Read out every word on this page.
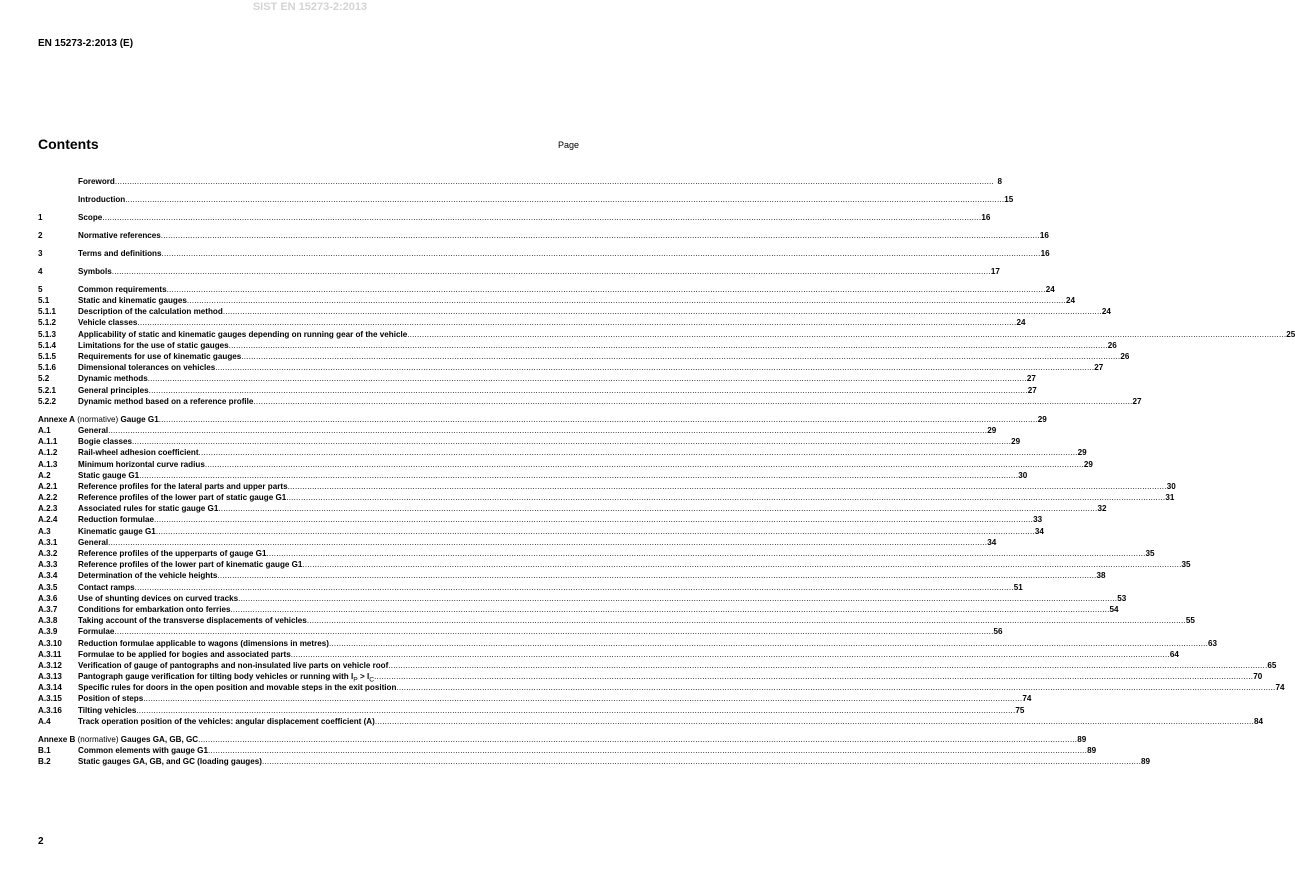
SIST EN 15273-2:2013
EN 15273-2:2013 (E)
Contents	Page
Foreword .....	8
Introduction .....	15
1	Scope .....	16
2	Normative references .....	16
3	Terms and definitions .....	16
4	Symbols .....	17
5	Common requirements .....	24
5.1	Static and kinematic gauges .....	24
5.1.1	Description of the calculation method .....	24
5.1.2	Vehicle classes .....	24
5.1.3	Applicability of static and kinematic gauges depending on running gear of the vehicle .....	25
5.1.4	Limitations for the use of static gauges .....	26
5.1.5	Requirements for use of kinematic gauges .....	26
5.1.6	Dimensional tolerances on vehicles .....	27
5.2	Dynamic methods .....	27
5.2.1	General principles .....	27
5.2.2	Dynamic method based on a reference profile .....	27
Annexe A (normative) Gauge G1 .....	29
A.1	General .....	29
A.1.1	Bogie classes .....	29
A.1.2	Rail-wheel adhesion coefficient .....	29
A.1.3	Minimum horizontal curve radius .....	29
A.2	Static gauge G1 .....	30
A.2.1	Reference profiles for the lateral parts and upper parts .....	30
A.2.2	Reference profiles of the lower part of static gauge G1 .....	31
A.2.3	Associated rules for static gauge G1 .....	32
A.2.4	Reduction formulae .....	33
A.3	Kinematic gauge G1 .....	34
A.3.1	General .....	34
A.3.2	Reference profiles of the upperparts of gauge G1 .....	35
A.3.3	Reference profiles of the lower part of kinematic gauge G1 .....	35
A.3.4	Determination of the vehicle heights .....	38
A.3.5	Contact ramps .....	51
A.3.6	Use of shunting devices on curved tracks .....	53
A.3.7	Conditions for embarkation onto ferries .....	54
A.3.8	Taking account of the transverse displacements of vehicles .....	55
A.3.9	Formulae .....	56
A.3.10	Reduction formulae applicable to wagons (dimensions in metres) .....	63
A.3.11	Formulae to be applied for bogies and associated parts .....	64
A.3.12	Verification of gauge of pantographs and non-insulated live parts on vehicle roof .....	65
A.3.13	Pantograph gauge verification for tilting body vehicles or running with $l_P > l_C$ .....	70
A.3.14	Specific rules for doors in the open position and movable steps in the exit position .....	74
A.3.15	Position of steps .....	74
A.3.16	Tilting vehicles .....	75
A.4	Track operation position of the vehicles: angular displacement coefficient (A) .....	84
Annexe B (normative) Gauges GA, GB, GC .....	89
B.1	Common elements with gauge G1 .....	89
B.2	Static gauges GA, GB, and GC (loading gauges) .....	89
2
